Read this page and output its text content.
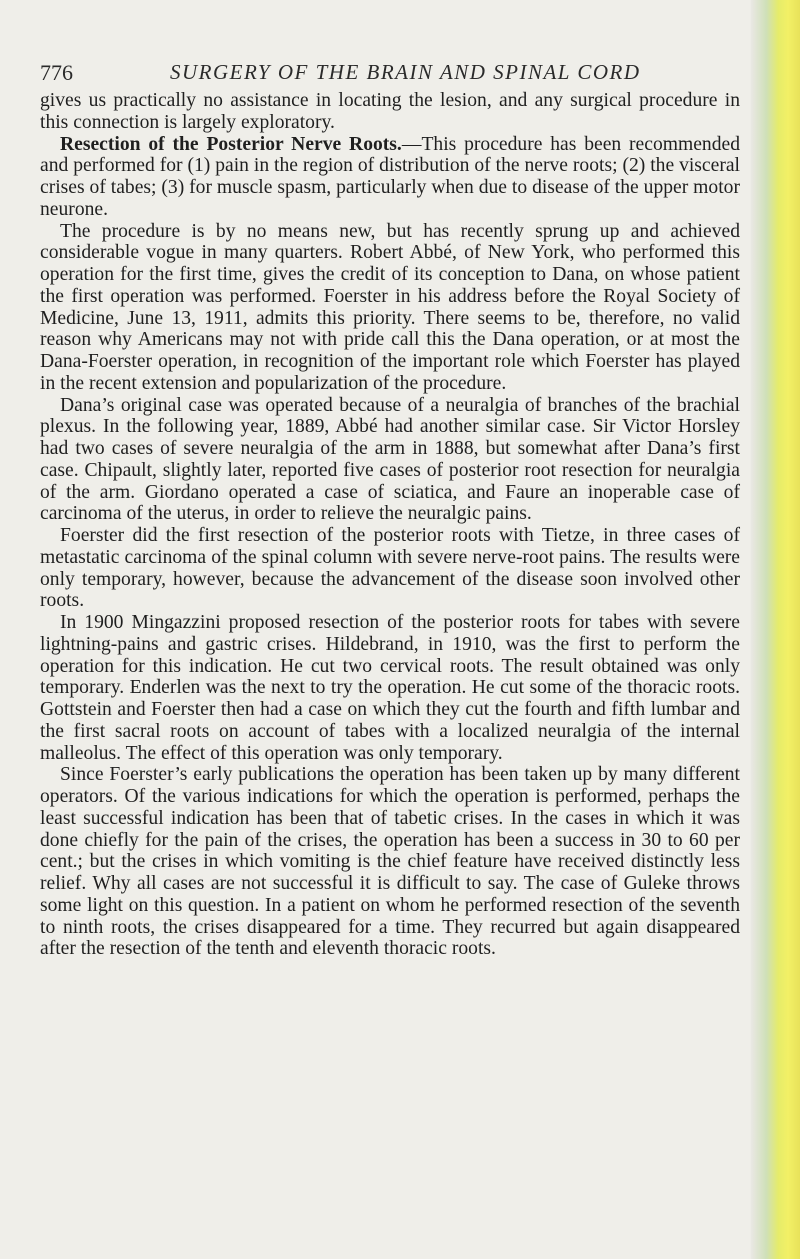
776	SURGERY OF THE BRAIN AND SPINAL CORD

gives us practically no assistance in locating the lesion, and any surgical procedure in this connection is largely exploratory.

Resection of the Posterior Nerve Roots.—This procedure has been recommended and performed for (1) pain in the region of distribution of the nerve roots; (2) the visceral crises of tabes; (3) for muscle spasm, particularly when due to disease of the upper motor neurone.

The procedure is by no means new, but has recently sprung up and achieved considerable vogue in many quarters. Robert Abbé, of New York, who performed this operation for the first time, gives the credit of its conception to Dana, on whose patient the first operation was performed. Foerster in his address before the Royal Society of Medicine, June 13, 1911, admits this priority. There seems to be, therefore, no valid reason why Americans may not with pride call this the Dana operation, or at most the Dana-Foerster operation, in recognition of the important role which Foerster has played in the recent extension and popularization of the procedure.

Dana’s original case was operated because of a neuralgia of branches of the brachial plexus. In the following year, 1889, Abbé had another similar case. Sir Victor Horsley had two cases of severe neuralgia of the arm in 1888, but somewhat after Dana’s first case. Chipault, slightly later, reported five cases of posterior root resection for neuralgia of the arm. Giordano operated a case of sciatica, and Faure an inoperable case of carcinoma of the uterus, in order to relieve the neuralgic pains.

Foerster did the first resection of the posterior roots with Tietze, in three cases of metastatic carcinoma of the spinal column with severe nerve-root pains. The results were only temporary, however, because the advancement of the disease soon involved other roots.

In 1900 Mingazzini proposed resection of the posterior roots for tabes with severe lightning-pains and gastric crises. Hildebrand, in 1910, was the first to perform the operation for this indication. He cut two cervical roots. The result obtained was only temporary. Enderlen was the next to try the operation. He cut some of the thoracic roots. Gottstein and Foerster then had a case on which they cut the fourth and fifth lumbar and the first sacral roots on account of tabes with a localized neuralgia of the internal malleolus. The effect of this operation was only temporary.

Since Foerster’s early publications the operation has been taken up by many different operators. Of the various indications for which the operation is performed, perhaps the least successful indication has been that of tabetic crises. In the cases in which it was done chiefly for the pain of the crises, the operation has been a success in 30 to 60 per cent.; but the crises in which vomiting is the chief feature have received distinctly less relief. Why all cases are not successful it is difficult to say. The case of Guleke throws some light on this question. In a patient on whom he performed resection of the seventh to ninth roots, the crises disappeared for a time. They recurred but again disappeared after the resection of the tenth and eleventh thoracic roots.
